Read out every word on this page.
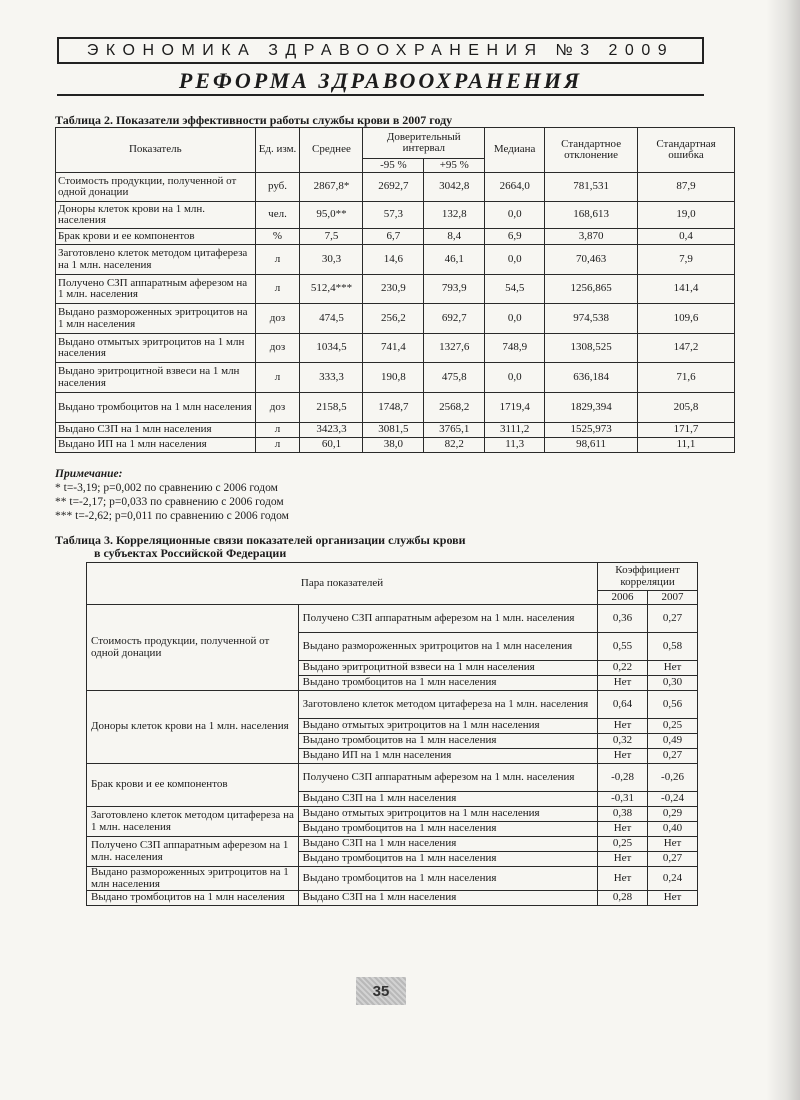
ЭКОНОМИКА ЗДРАВООХРАНЕНИЯ №3 2009
РЕФОРМА ЗДРАВООХРАНЕНИЯ
Таблица 2. Показатели эффективности работы службы крови в 2007 году
Показатель	Ед. изм.	Среднее	Доверительный интервал		Медиана	Стандартное отклонение	Стандартная ошибка
			-95 %	+95 %			
Стоимость продукции, полученной от одной донации	руб.	2867,8*	2692,7	3042,8	2664,0	781,531	87,9
Доноры клеток крови на 1 млн. населения	чел.	95,0**	57,3	132,8	0,0	168,613	19,0
Брак крови и ее компонентов	%	7,5	6,7	8,4	6,9	3,870	0,4
Заготовлено клеток методом цитафереза на 1 млн. населения	л	30,3	14,6	46,1	0,0	70,463	7,9
Получено СЗП аппаратным аферезом на 1 млн. населения	л	512,4***	230,9	793,9	54,5	1256,865	141,4
Выдано размороженных эритроцитов на 1 млн населения	доз	474,5	256,2	692,7	0,0	974,538	109,6
Выдано отмытых эритроцитов на 1 млн населения	доз	1034,5	741,4	1327,6	748,9	1308,525	147,2
Выдано эритроцитной взвеси на 1 млн населения	л	333,3	190,8	475,8	0,0	636,184	71,6
Выдано тромбоцитов на 1 млн населения	доз	2158,5	1748,7	2568,2	1719,4	1829,394	205,8
Выдано СЗП на 1 млн населения	л	3423,3	3081,5	3765,1	3111,2	1525,973	171,7
Выдано ИП на 1 млн населения	л	60,1	38,0	82,2	11,3	98,611	11,1
Примечание:
* t=-3,19; p=0,002 по сравнению с 2006 годом
** t=-2,17; p=0,033 по сравнению с 2006 годом
*** t=-2,62; p=0,011 по сравнению с 2006 годом
Таблица 3. Корреляционные связи показателей организации службы крови
в субъектах Российской Федерации
Пара показателей		Коэффициент корреляции	
		2006	2007
Стоимость продукции, полученной от одной донации	Получено СЗП аппаратным аферезом на 1 млн. населения	0,36	0,27
	Выдано размороженных эритроцитов на 1 млн населения	0,55	0,58
	Выдано эритроцитной взвеси на 1 млн населения	0,22	Нет
	Выдано тромбоцитов на 1 млн населения	Нет	0,30
Доноры клеток крови на 1 млн. населения	Заготовлено клеток методом цитафереза на 1 млн. населения	0,64	0,56
	Выдано отмытых эритроцитов на 1 млн населения	Нет	0,25
	Выдано тромбоцитов на 1 млн населения	0,32	0,49
	Выдано ИП на 1 млн населения	Нет	0,27
Брак крови и ее компонентов	Получено СЗП аппаратным аферезом на 1 млн. населения	-0,28	-0,26
	Выдано СЗП на 1 млн населения	-0,31	-0,24
Заготовлено клеток методом цитафереза на 1 млн. населения	Выдано отмытых эритроцитов на 1 млн населения	0,38	0,29
	Выдано тромбоцитов на 1 млн населения	Нет	0,40
Получено СЗП аппаратным аферезом на 1 млн. населения	Выдано СЗП на 1 млн населения	0,25	Нет
	Выдано тромбоцитов на 1 млн населения	Нет	0,27
Выдано размороженных эритроцитов на 1 млн населения	Выдано тромбоцитов на 1 млн населения	Нет	0,24
Выдано тромбоцитов на 1 млн населения	Выдано СЗП на 1 млн населения	0,28	Нет
35
